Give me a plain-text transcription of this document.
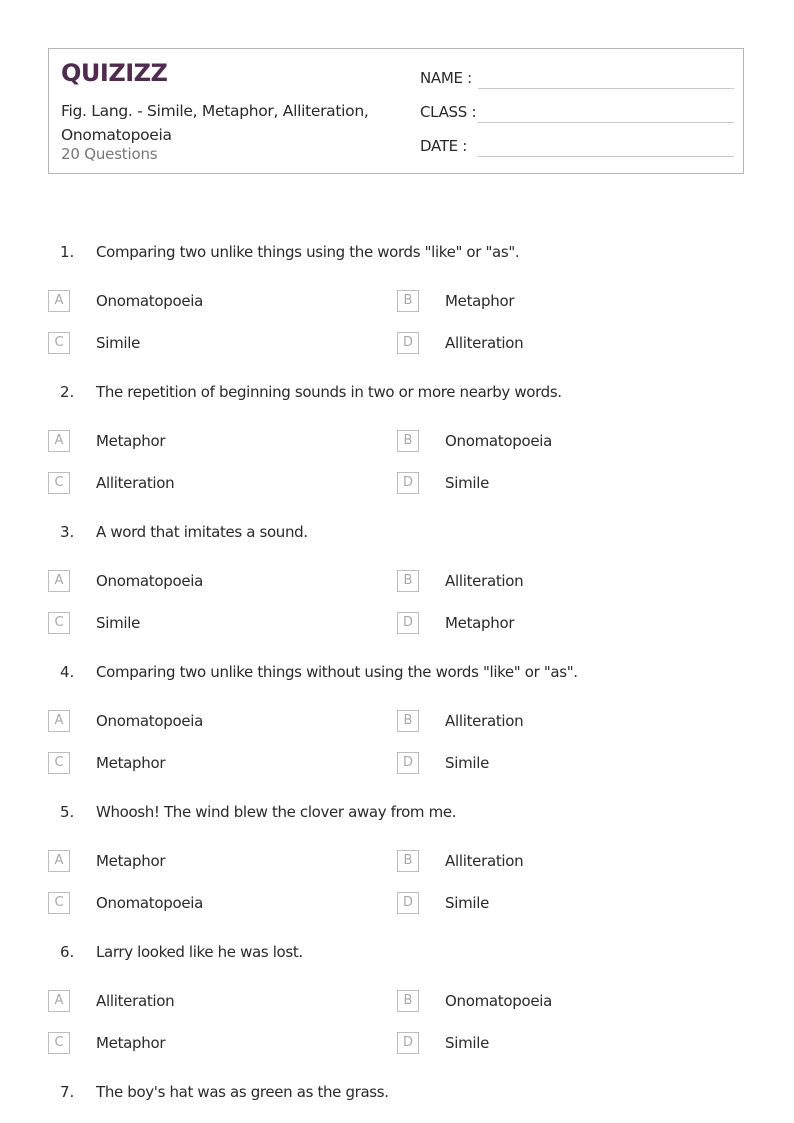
QUIZIZZ
Fig. Lang. - Simile, Metaphor, Alliteration, Onomatopoeia
20 Questions
NAME :
CLASS :
DATE :
1. Comparing two unlike things using the words "like" or "as".
A	Onomatopoeia	B	Metaphor
C	Simile	D	Alliteration
2. The repetition of beginning sounds in two or more nearby words.
A	Metaphor	B	Onomatopoeia
C	Alliteration	D	Simile
3. A word that imitates a sound.
A	Onomatopoeia	B	Alliteration
C	Simile	D	Metaphor
4. Comparing two unlike things without using the words "like" or "as".
A	Onomatopoeia	B	Alliteration
C	Metaphor	D	Simile
5. Whoosh! The wind blew the clover away from me.
A	Metaphor	B	Alliteration
C	Onomatopoeia	D	Simile
6. Larry looked like he was lost.
A	Alliteration	B	Onomatopoeia
C	Metaphor	D	Simile
7. The boy's hat was as green as the grass.
